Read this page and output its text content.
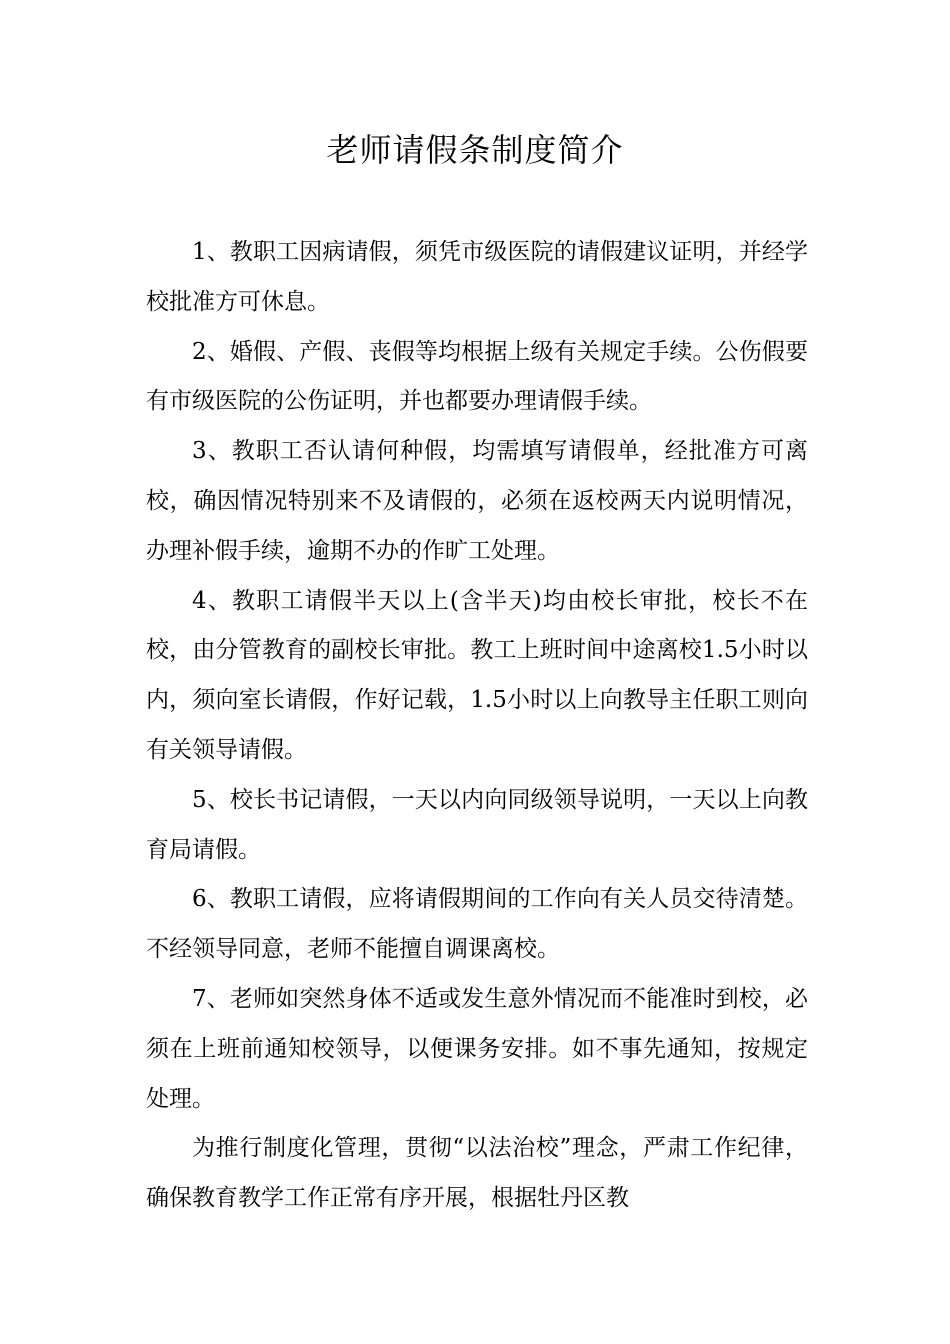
老师请假条制度简介

1、教职工因病请假，须凭市级医院的请假建议证明，并经学校批准方可休息。

2、婚假、产假、丧假等均根据上级有关规定手续。公伤假要有市级医院的公伤证明，并也都要办理请假手续。

3、教职工否认请何种假，均需填写请假单，经批准方可离校，确因情况特别来不及请假的，必须在返校两天内说明情况，办理补假手续，逾期不办的作旷工处理。

4、教职工请假半天以上(含半天)均由校长审批，校长不在校，由分管教育的副校长审批。教工上班时间中途离校1.5小时以内，须向室长请假，作好记载，1.5小时以上向教导主任职工则向有关领导请假。

5、校长书记请假，一天以内向同级领导说明，一天以上向教育局请假。

6、教职工请假，应将请假期间的工作向有关人员交待清楚。不经领导同意，老师不能擅自调课离校。

7、老师如突然身体不适或发生意外情况而不能准时到校，必须在上班前通知校领导，以便课务安排。如不事先通知，按规定处理。

为推行制度化管理，贯彻“以法治校”理念，严肃工作纪律，确保教育教学工作正常有序开展，根据牡丹区教
